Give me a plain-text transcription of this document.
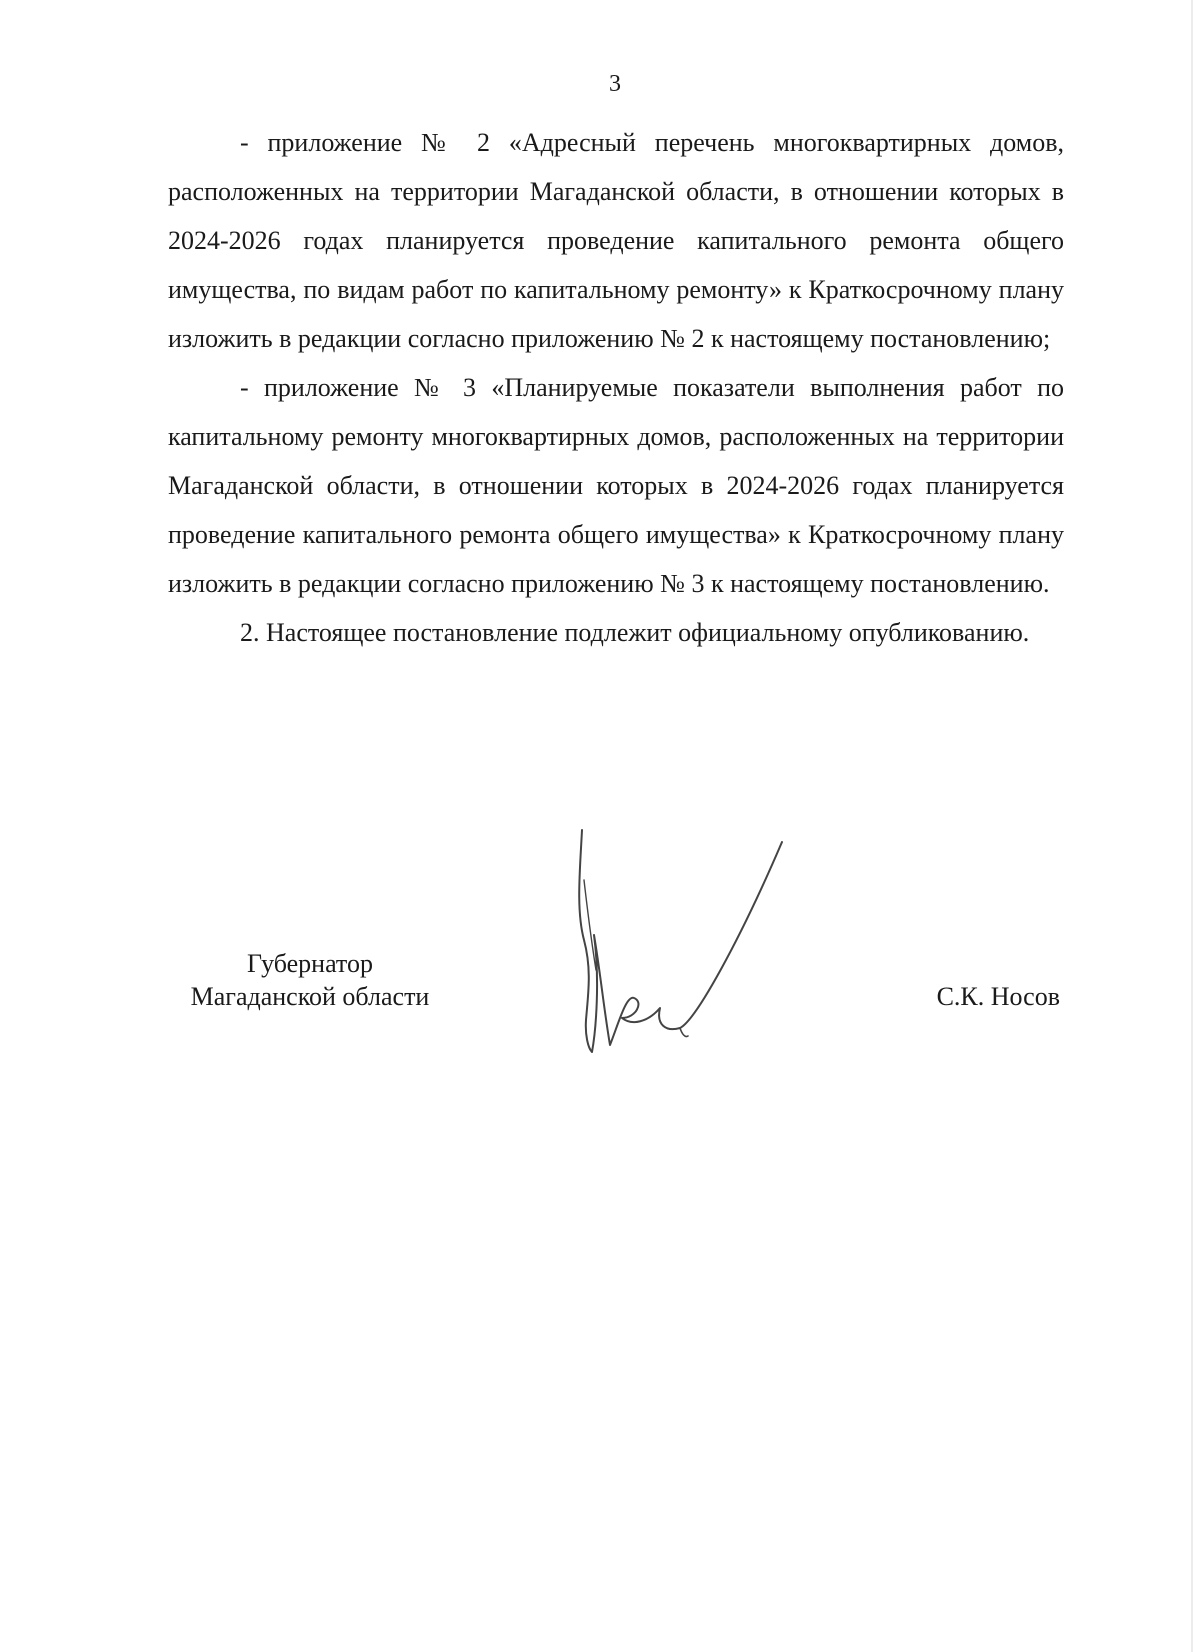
3

- приложение № 2 «Адресный перечень многоквартирных домов, расположенных на территории Магаданской области, в отношении которых в 2024-2026 годах планируется проведение капитального ремонта общего имущества, по видам работ по капитальному ремонту» к Краткосрочному плану изложить в редакции согласно приложению № 2 к настоящему постановлению;

- приложение № 3 «Планируемые показатели выполнения работ по капитальному ремонту многоквартирных домов, расположенных на территории Магаданской области, в отношении которых в 2024-2026 годах планируется проведение капитального ремонта общего имущества» к Краткосрочному плану изложить в редакции согласно приложению № 3 к настоящему постановлению.

2. Настоящее постановление подлежит официальному опубликованию.

Губернатор
Магаданской области	С.К. Носов
